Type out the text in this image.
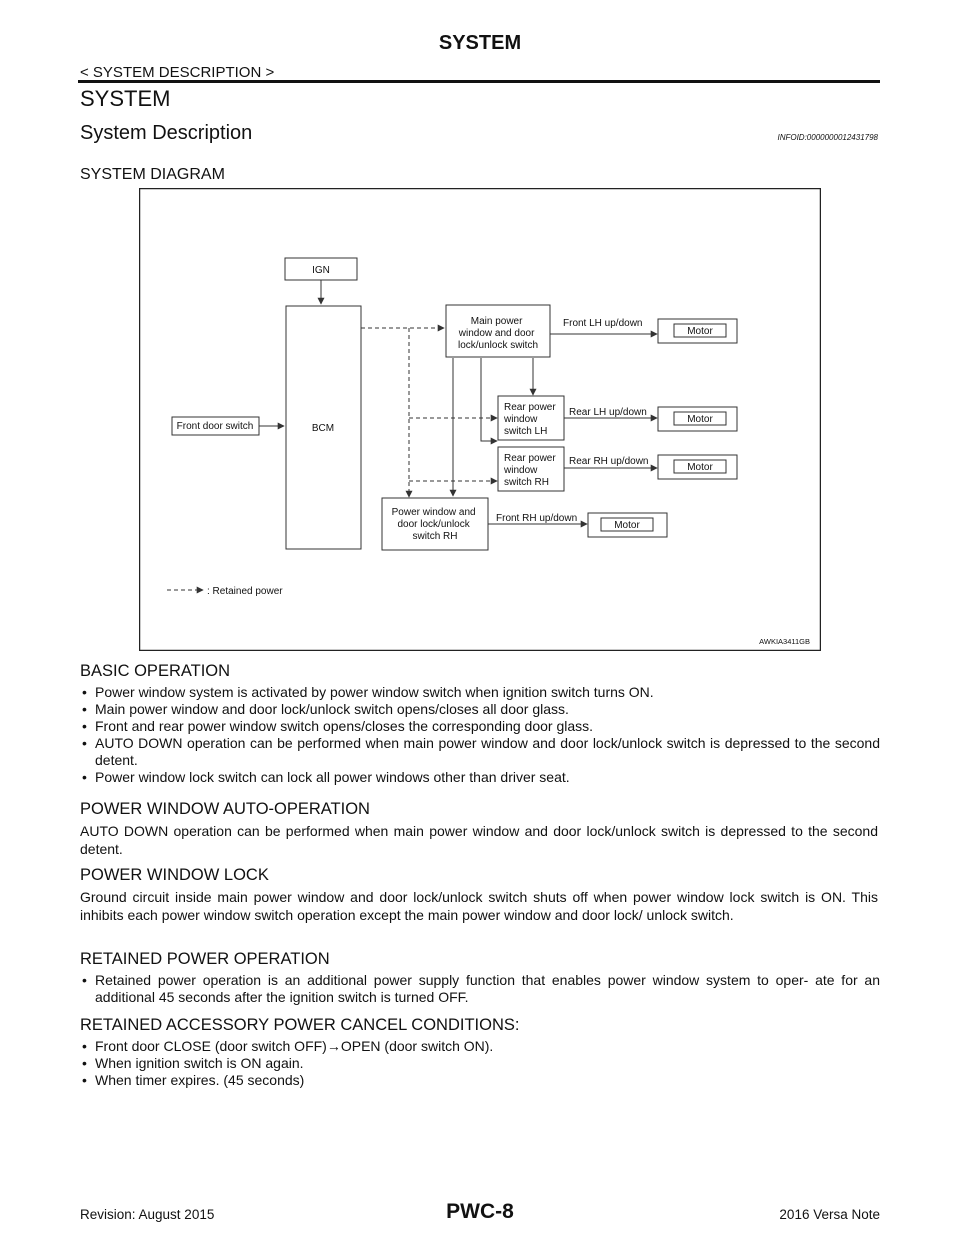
SYSTEM
< SYSTEM DESCRIPTION >
SYSTEM
System Description	INFOID:0000000012431798
SYSTEM DIAGRAM
IGN
BCM
Front door switch
Main power window and door lock/unlock switch
Rear power window switch LH
Rear power window switch RH
Power window and door lock/unlock switch RH
Front LH up/down
Rear LH up/down
Rear RH up/down
Front RH up/down
Motor
Motor
Motor
Motor
: Retained power
AWKIA3411GB
BASIC OPERATION
• Power window system is activated by power window switch when ignition switch turns ON.
• Main power window and door lock/unlock switch opens/closes all door glass.
• Front and rear power window switch opens/closes the corresponding door glass.
• AUTO DOWN operation can be performed when main power window and door lock/unlock switch is depressed to the second detent.
• Power window lock switch can lock all power windows other than driver seat.
POWER WINDOW AUTO-OPERATION

AUTO DOWN operation can be performed when main power window and door lock/unlock switch is depressed to the second detent.

POWER WINDOW LOCK

Ground circuit inside main power window and door lock/unlock switch shuts off when power window lock switch is ON. This inhibits each power window switch operation except the main power window and door lock/ unlock switch.

RETAINED POWER OPERATION
• Retained power operation is an additional power supply function that enables power window system to oper- ate for an additional 45 seconds after the ignition switch is turned OFF.
RETAINED ACCESSORY POWER CANCEL CONDITIONS:
• Front door CLOSE (door switch OFF)→OPEN (door switch ON).
• When ignition switch is ON again.
• When timer expires. (45 seconds)
Revision: August 2015	PWC-8	2016 Versa Note
